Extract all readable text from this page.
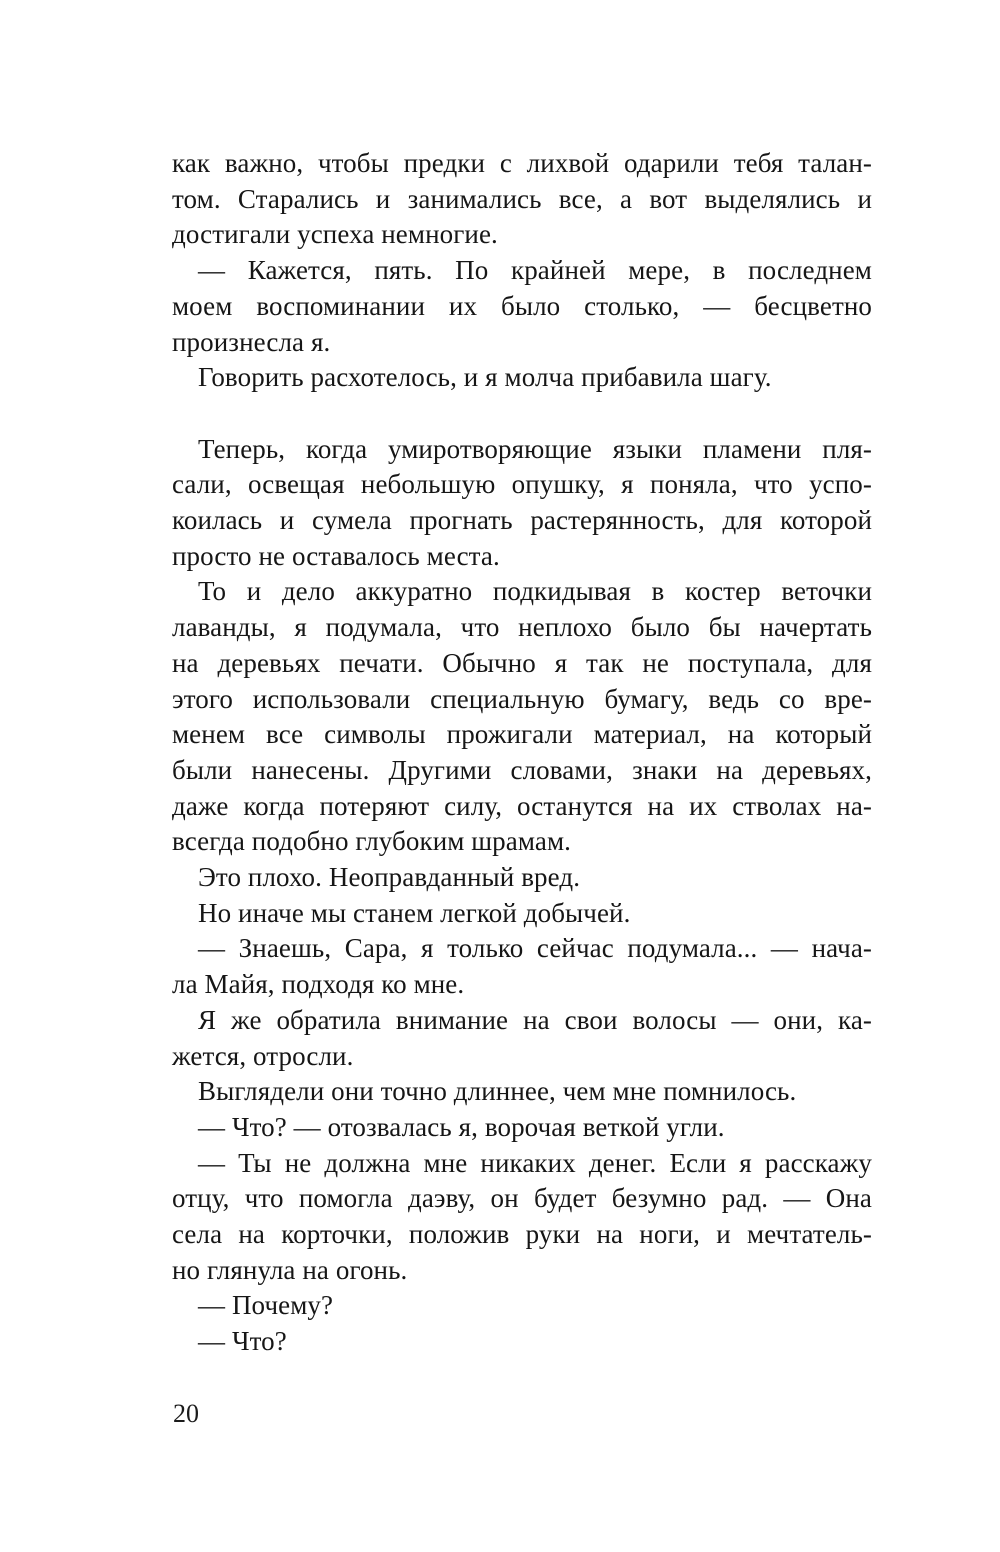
как важно, чтобы предки с лихвой одарили тебя талан-
том. Старались и занимались все, а вот выделялись и
достигали успеха немногие.
— Кажется, пять. По крайней мере, в последнем
моем воспоминании их было столько, — бесцветно
произнесла я.
Говорить расхотелось, и я молча прибавила шагу.
Теперь, когда умиротворяющие языки пламени пля-
сали, освещая небольшую опушку, я поняла, что успо-
коилась и сумела прогнать растерянность, для которой
просто не оставалось места.
То и дело аккуратно подкидывая в костер веточки
лаванды, я подумала, что неплохо было бы начертать
на деревьях печати. Обычно я так не поступала, для
этого использовали специальную бумагу, ведь со вре-
менем все символы прожигали материал, на который
были нанесены. Другими словами, знаки на деревьях,
даже когда потеряют силу, останутся на их стволах на-
всегда подобно глубоким шрамам.
Это плохо. Неоправданный вред.
Но иначе мы станем легкой добычей.
— Знаешь, Сара, я только сейчас подумала... — нача-
ла Майя, подходя ко мне.
Я же обратила внимание на свои волосы — они, ка-
жется, отросли.
Выглядели они точно длиннее, чем мне помнилось.
— Что? — отозвалась я, ворочая веткой угли.
— Ты не должна мне никаких денег. Если я расскажу
отцу, что помогла даэву, он будет безумно рад. — Она
села на корточки, положив руки на ноги, и мечтатель-
но глянула на огонь.
— Почему?
— Что?
20
